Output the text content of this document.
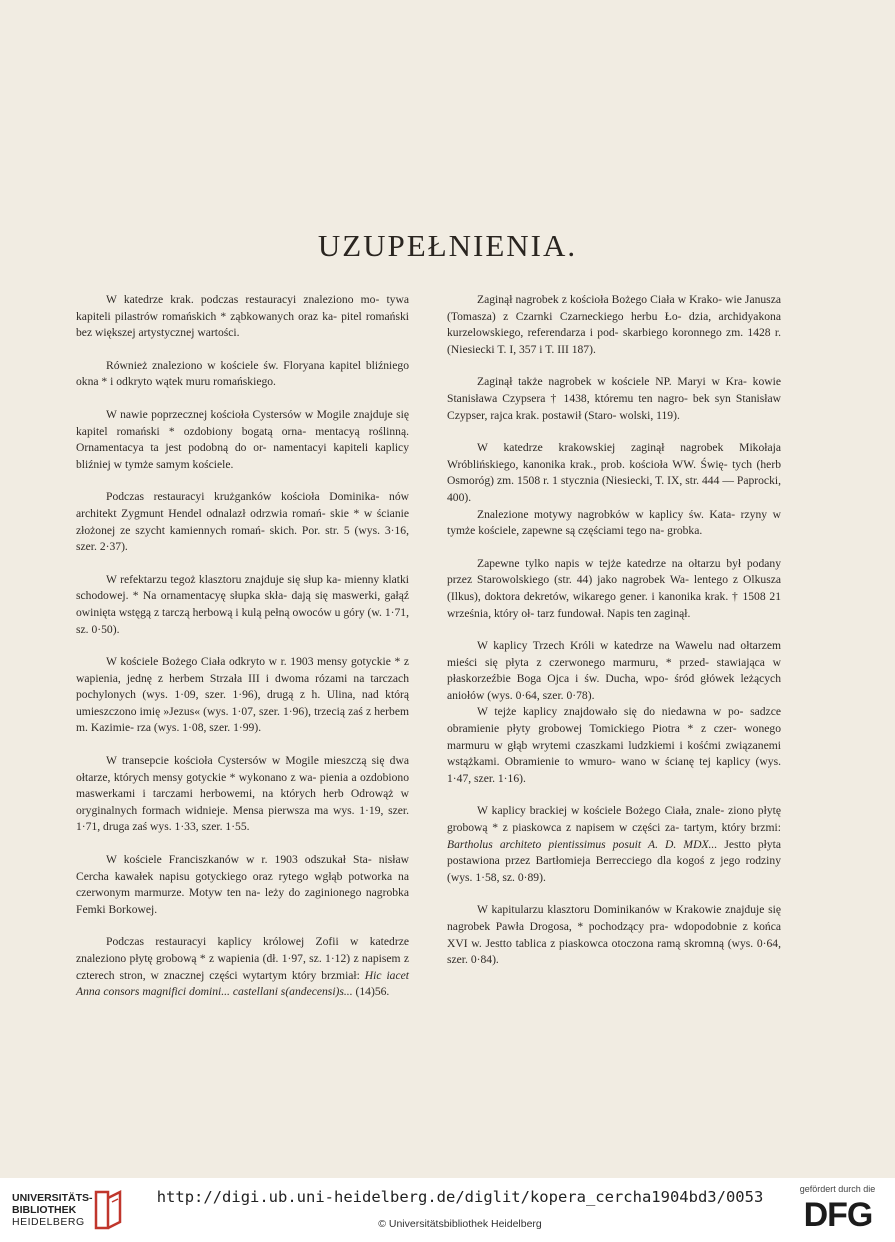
UZUPEŁNIENIA.

W katedrze krak. podczas restauracyi znaleziono mo- tywa kapiteli pilastrów romańskich * ząbkowanych oraz ka- pitel romański bez większej artystycznej wartości.

Również znaleziono w kościele św. Floryana kapitel bliźniego okna * i odkryto wątek muru romańskiego.

W nawie poprzecznej kościoła Cystersów w Mogile znajduje się kapitel romański * ozdobiony bogatą orna- mentacyą roślinną. Ornamentacya ta jest podobną do or- namentacyi kapiteli kaplicy bliźniej w tymże samym kościele.

Podczas restauracyi krużganków kościoła Dominika- nów architekt Zygmunt Hendel odnalazł odrzwia romań- skie * w ścianie złożonej ze szycht kamiennych romań- skich. Por. str. 5 (wys. 3·16, szer. 2·37).

W refektarzu tegoż klasztoru znajduje się słup ka- mienny klatki schodowej. * Na ornamentacyę słupka skła- dają się maswerki, gałąź owinięta wstęgą z tarczą herbową i kulą pełną owoców u góry (w. 1·71, sz. 0·50).

W kościele Bożego Ciała odkryto w r. 1903 mensy gotyckie * z wapienia, jednę z herbem Strzała III i dwoma rózami na tarczach pochylonych (wys. 1·09, szer. 1·96), drugą z h. Ulina, nad którą umieszczono imię »Jezus« (wys. 1·07, szer. 1·96), trzecią zaś z herbem m. Kazimie- rza (wys. 1·08, szer. 1·99).

W transepcie kościoła Cystersów w Mogile mieszczą się dwa ołtarze, których mensy gotyckie * wykonano z wa- pienia a ozdobiono maswerkami i tarczami herbowemi, na których herb Odrowąż w oryginalnych formach widnieje. Mensa pierwsza ma wys. 1·19, szer. 1·71, druga zaś wys. 1·33, szer. 1·55.

W kościele Franciszkanów w r. 1903 odszukał Sta- nisław Cercha kawałek napisu gotyckiego oraz rytego wgłąb potworka na czerwonym marmurze. Motyw ten na- leży do zaginionego nagrobka Femki Borkowej.

Podczas restauracyi kaplicy królowej Zofii w katedrze znaleziono płytę grobową * z wapienia (dł. 1·97, sz. 1·12) z napisem z czterech stron, w znacznej części wytartym który brzmiał: Hic iacet Anna consors magnifici domini... castellani s(andecensi)s... (14)56.

Zaginął nagrobek z kościoła Bożego Ciała w Krako- wie Janusza (Tomasza) z Czarnki Czarneckiego herbu Ło- dzia, archidyakona kurzelowskiego, referendarza i pod- skarbiego koronnego zm. 1428 r. (Niesiecki T. I, 357 i T. III 187).

Zaginął także nagrobek w kościele NP. Maryi w Kra- kowie Stanisława Czypsera † 1438, któremu ten nagro- bek syn Stanisław Czypser, rajca krak. postawił (Staro- wolski, 119).

W katedrze krakowskiej zaginął nagrobek Mikołaja Wróblińskiego, kanonika krak., prob. kościoła WW. Świę- tych (herb Osmoróg) zm. 1508 r. 1 stycznia (Niesiecki, T. IX, str. 444 — Paprocki, 400).

Znalezione motywy nagrobków w kaplicy św. Kata- rzyny w tymże kościele, zapewne są częściami tego na- grobka.

Zapewne tylko napis w tejże katedrze na ołtarzu był podany przez Starowolskiego (str. 44) jako nagrobek Wa- lentego z Olkusza (Ilkus), doktora dekretów, wikarego gener. i kanonika krak. † 1508 21 września, który oł- tarz fundował. Napis ten zaginął.

W kaplicy Trzech Króli w katedrze na Wawelu nad ołtarzem mieści się płyta z czerwonego marmuru, * przed- stawiająca w płaskorzeźbie Boga Ojca i św. Ducha, wpo- śród główek leżących aniołów (wys. 0·64, szer. 0·78).

W tejże kaplicy znajdowało się do niedawna w po- sadzce obramienie płyty grobowej Tomickiego Piotra * z czer- wonego marmuru w głąb wrytemi czaszkami ludzkiemi i kośćmi związanemi wstążkami. Obramienie to wmuro- wano w ścianę tej kaplicy (wys. 1·47, szer. 1·16).

W kaplicy brackiej w kościele Bożego Ciała, znale- ziono płytę grobową * z piaskowca z napisem w części za- tartym, który brzmi: Bartholus architeto pientissimus posuit A. D. MDX... Jestto płyta postawiona przez Bartłomieja Berrecciego dla kogoś z jego rodziny (wys. 1·58, sz. 0·89).

W kapitularzu klasztoru Dominikanów w Krakowie znajduje się nagrobek Pawła Drogosa, * pochodzący pra- wdopodobnie z końca XVI w. Jestto tablica z piaskowca otoczona ramą skromną (wys. 0·64, szer. 0·84).

UNIVERSITÄTS-
BIBLIOTHEK
HEIDELBERG
http://digi.ub.uni-heidelberg.de/diglit/kopera_cercha1904bd3/0053
© Universitätsbibliothek Heidelberg
gefördert durch die
DFG
